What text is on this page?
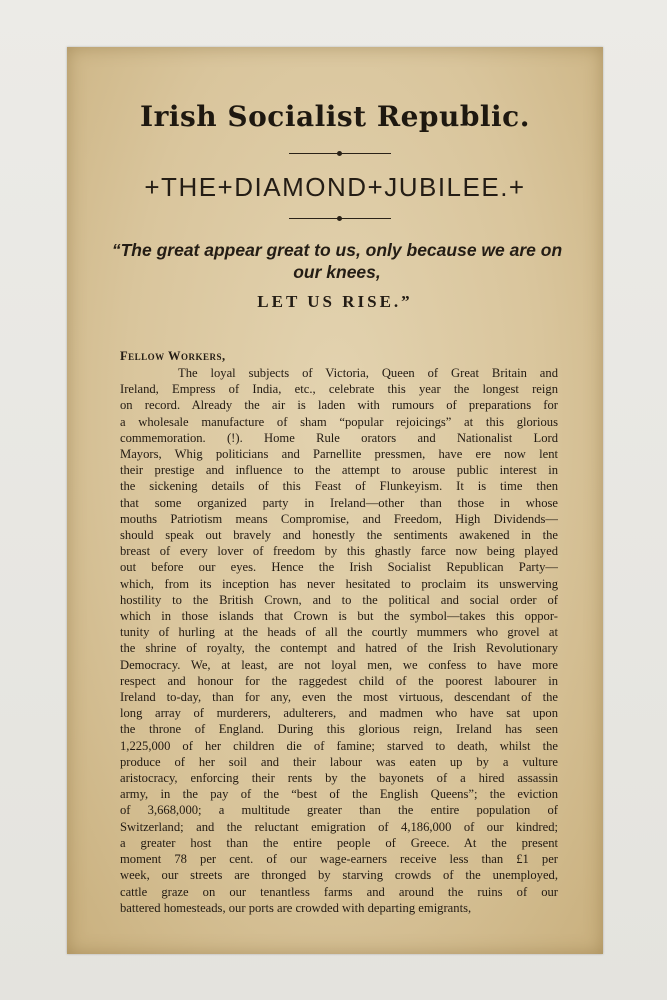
Irish Socialist Republic.
+THE+DIAMOND+JUBILEE.+
“The great appear great to us, only because we are on our knees,
LET US RISE.”
Fellow Workers,
The loyal subjects of Victoria, Queen of Great Britain and
Ireland, Empress of India, etc., celebrate this year the longest reign
on record. Already the air is laden with rumours of preparations for
a wholesale manufacture of sham “popular rejoicings” at this glorious
commemoration. (!). Home Rule orators and Nationalist Lord
Mayors, Whig politicians and Parnellite pressmen, have ere now lent
their prestige and influence to the attempt to arouse public interest in
the sickening details of this Feast of Flunkeyism. It is time then
that some organized party in Ireland—other than those in whose
mouths Patriotism means Compromise, and Freedom, High Dividends—
should speak out bravely and honestly the sentiments awakened in the
breast of every lover of freedom by this ghastly farce now being played
out before our eyes. Hence the Irish Socialist Republican Party—
which, from its inception has never hesitated to proclaim its unswerving
hostility to the British Crown, and to the political and social order of
which in those islands that Crown is but the symbol—takes this oppor-
tunity of hurling at the heads of all the courtly mummers who grovel at
the shrine of royalty, the contempt and hatred of the Irish Revolutionary
Democracy. We, at least, are not loyal men, we confess to have more
respect and honour for the raggedest child of the poorest labourer in
Ireland to-day, than for any, even the most virtuous, descendant of the
long array of murderers, adulterers, and madmen who have sat upon
the throne of England. During this glorious reign, Ireland has seen
1,225,000 of her children die of famine; starved to death, whilst the
produce of her soil and their labour was eaten up by a vulture
aristocracy, enforcing their rents by the bayonets of a hired assassin
army, in the pay of the “best of the English Queens”; the eviction
of 3,668,000; a multitude greater than the entire population of
Switzerland; and the reluctant emigration of 4,186,000 of our kindred;
a greater host than the entire people of Greece. At the present
moment 78 per cent. of our wage-earners receive less than £1 per
week, our streets are thronged by starving crowds of the unemployed,
cattle graze on our tenantless farms and around the ruins of our
battered homesteads, our ports are crowded with departing emigrants,
